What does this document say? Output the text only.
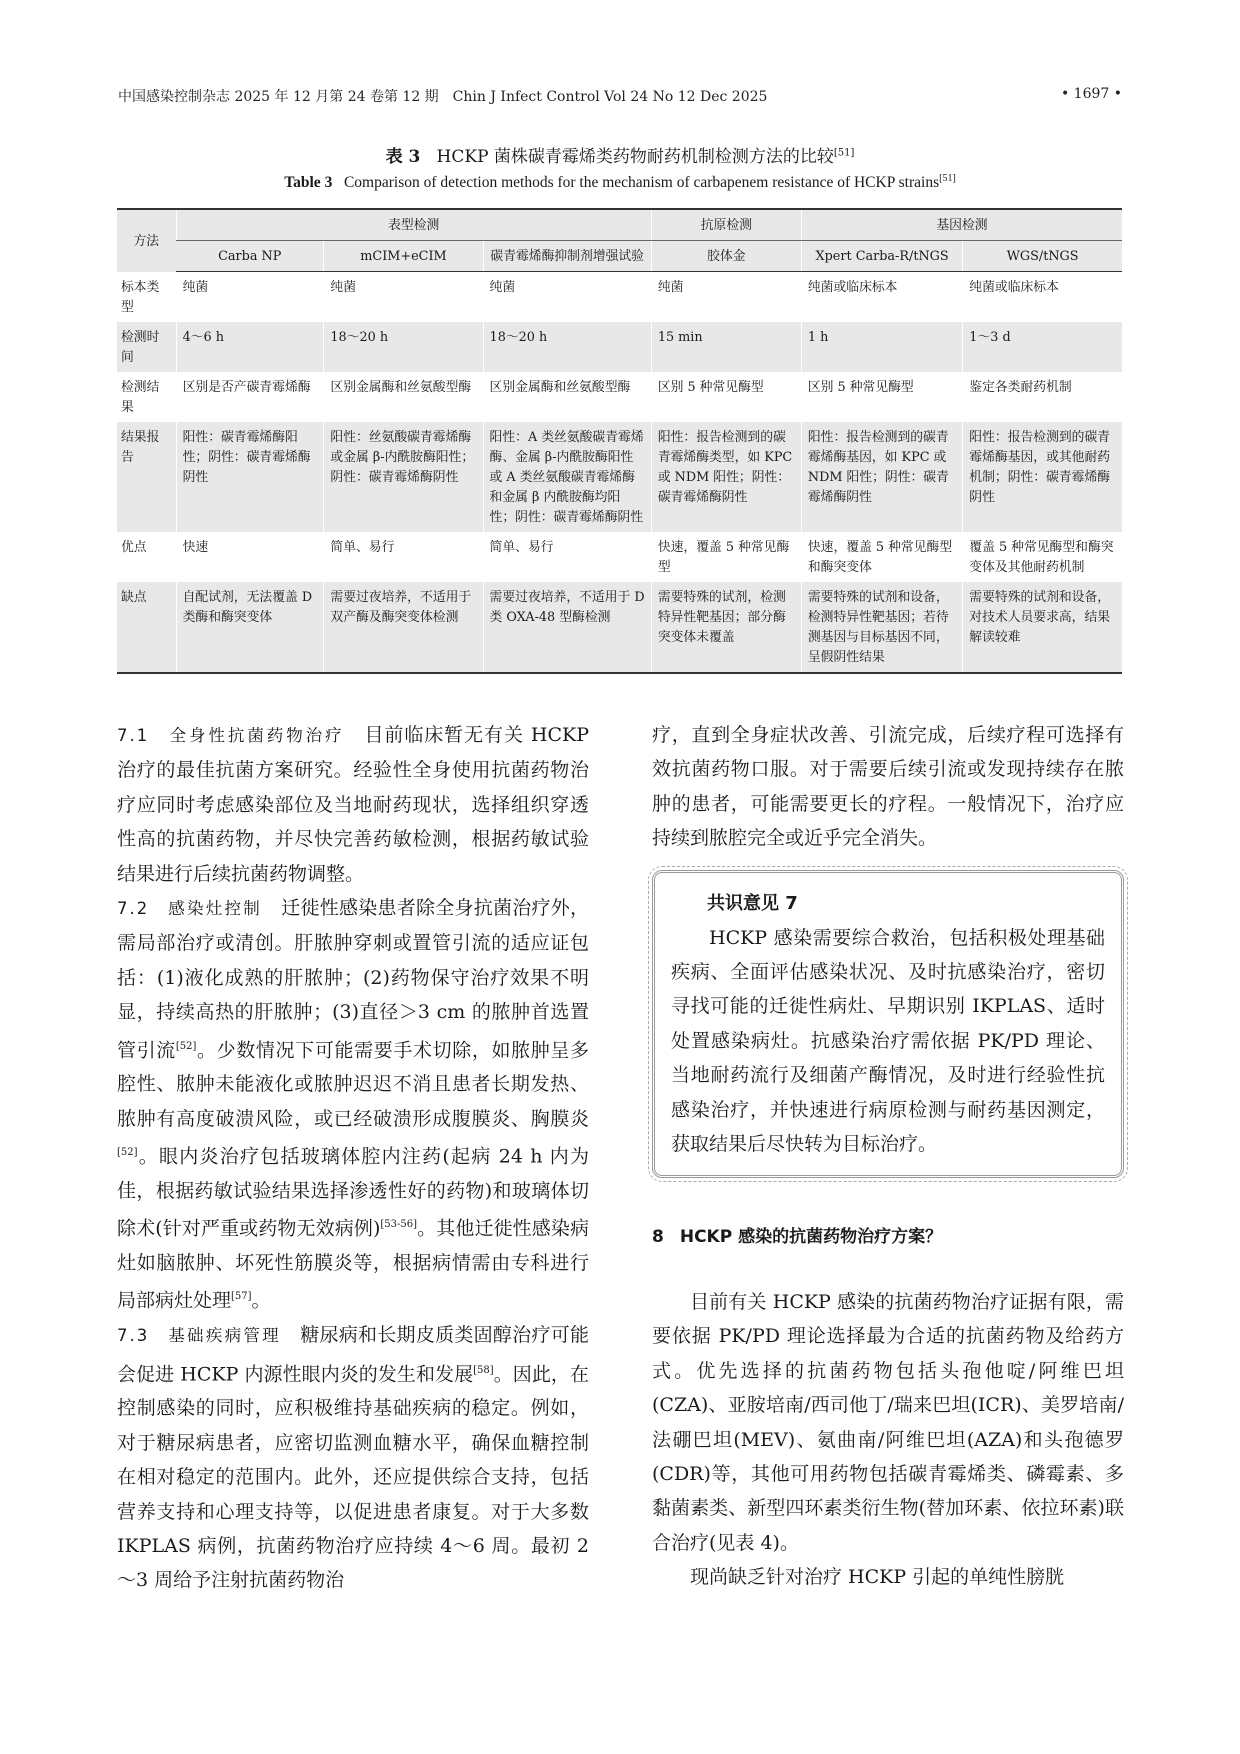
中国感染控制杂志 2025 年 12 月第 24 卷第 12 期　Chin J Infect Control Vol 24 No 12 Dec 2025	• 1697 •
表 3 HCKP 菌株碳青霉烯类药物耐药机制检测方法的比较[51]
Table 3 Comparison of detection methods for the mechanism of carbapenem resistance of HCKP strains[51]
方法	表型检测			抗原检测	基因检测	
	Carba NP	mCIM+eCIM	碳青霉烯酶抑制剂增强试验	胶体金	Xpert Carba-R/tNGS	WGS/tNGS
标本类型	纯菌	纯菌	纯菌	纯菌	纯菌或临床标本	纯菌或临床标本
检测时间	4～6 h	18～20 h	18～20 h	15 min	1 h	1～3 d
检测结果	区别是否产碳青霉烯酶	区别金属酶和丝氨酸型酶	区别金属酶和丝氨酸型酶	区别 5 种常见酶型	区别 5 种常见酶型	鉴定各类耐药机制
结果报告	阳性：碳青霉烯酶阳性；阴性：碳青霉烯酶阴性	阳性：丝氨酸碳青霉烯酶或金属 β-内酰胺酶阳性；阴性：碳青霉烯酶阴性	阳性：A 类丝氨酸碳青霉烯酶、金属 β-内酰胺酶阳性或 A 类丝氨酸碳青霉烯酶和金属 β 内酰胺酶均阳性；阴性：碳青霉烯酶阴性	阳性：报告检测到的碳青霉烯酶类型，如 KPC 或 NDM 阳性；阴性：碳青霉烯酶阴性	阳性：报告检测到的碳青霉烯酶基因，如 KPC 或 NDM 阳性；阴性：碳青霉烯酶阴性	阳性：报告检测到的碳青霉烯酶基因，或其他耐药机制；阴性：碳青霉烯酶阴性
优点	快速	简单、易行	简单、易行	快速，覆盖 5 种常见酶型	快速，覆盖 5 种常见酶型和酶突变体	覆盖 5 种常见酶型和酶突变体及其他耐药机制
缺点	自配试剂，无法覆盖 D 类酶和酶突变体	需要过夜培养，不适用于双产酶及酶突变体检测	需要过夜培养，不适用于 D 类 OXA-48 型酶检测	需要特殊的试剂，检测特异性靶基因；部分酶突变体未覆盖	需要特殊的试剂和设备，检测特异性靶基因；若待测基因与目标基因不同，呈假阴性结果	需要特殊的试剂和设备，对技术人员要求高，结果解读较难

7.1　全身性抗菌药物治疗　目前临床暂无有关 HCKP 治疗的最佳抗菌方案研究。经验性全身使用抗菌药物治疗应同时考虑感染部位及当地耐药现状，选择组织穿透性高的抗菌药物，并尽快完善药敏检测，根据药敏试验结果进行后续抗菌药物调整。

7.2　感染灶控制　迁徙性感染患者除全身抗菌治疗外，需局部治疗或清创。肝脓肿穿刺或置管引流的适应证包括：(1)液化成熟的肝脓肿；(2)药物保守治疗效果不明显，持续高热的肝脓肿；(3)直径＞3 cm 的脓肿首选置管引流[52]。少数情况下可能需要手术切除，如脓肿呈多腔性、脓肿未能液化或脓肿迟迟不消且患者长期发热、脓肿有高度破溃风险，或已经破溃形成腹膜炎、胸膜炎[52]。眼内炎治疗包括玻璃体腔内注药(起病 24 h 内为佳，根据药敏试验结果选择渗透性好的药物)和玻璃体切除术(针对严重或药物无效病例)[53-56]。其他迁徙性感染病灶如脑脓肿、坏死性筋膜炎等，根据病情需由专科进行局部病灶处理[57]。

7.3　基础疾病管理　糖尿病和长期皮质类固醇治疗可能会促进 HCKP 内源性眼内炎的发生和发展[58]。因此，在控制感染的同时，应积极维持基础疾病的稳定。例如，对于糖尿病患者，应密切监测血糖水平，确保血糖控制在相对稳定的范围内。此外，还应提供综合支持，包括营养支持和心理支持等，以促进患者康复。对于大多数 IKPLAS 病例，抗菌药物治疗应持续 4～6 周。最初 2～3 周给予注射抗菌药物治

疗，直到全身症状改善、引流完成，后续疗程可选择有效抗菌药物口服。对于需要后续引流或发现持续存在脓肿的患者，可能需要更长的疗程。一般情况下，治疗应持续到脓腔完全或近乎完全消失。

共识意见 7

HCKP 感染需要综合救治，包括积极处理基础疾病、全面评估感染状况、及时抗感染治疗，密切寻找可能的迁徙性病灶、早期识别 IKPLAS、适时处置感染病灶。抗感染治疗需依据 PK/PD 理论、当地耐药流行及细菌产酶情况，及时进行经验性抗感染治疗，并快速进行病原检测与耐药基因测定，获取结果后尽快转为目标治疗。

8 HCKP 感染的抗菌药物治疗方案？

目前有关 HCKP 感染的抗菌药物治疗证据有限，需要依据 PK/PD 理论选择最为合适的抗菌药物及给药方式。优先选择的抗菌药物包括头孢他啶/阿维巴坦(CZA)、亚胺培南/西司他丁/瑞来巴坦(ICR)、美罗培南/法硼巴坦(MEV)、氨曲南/阿维巴坦(AZA)和头孢德罗(CDR)等，其他可用药物包括碳青霉烯类、磷霉素、多黏菌素类、新型四环素类衍生物(替加环素、依拉环素)联合治疗(见表 4)。

现尚缺乏针对治疗 HCKP 引起的单纯性膀胱
